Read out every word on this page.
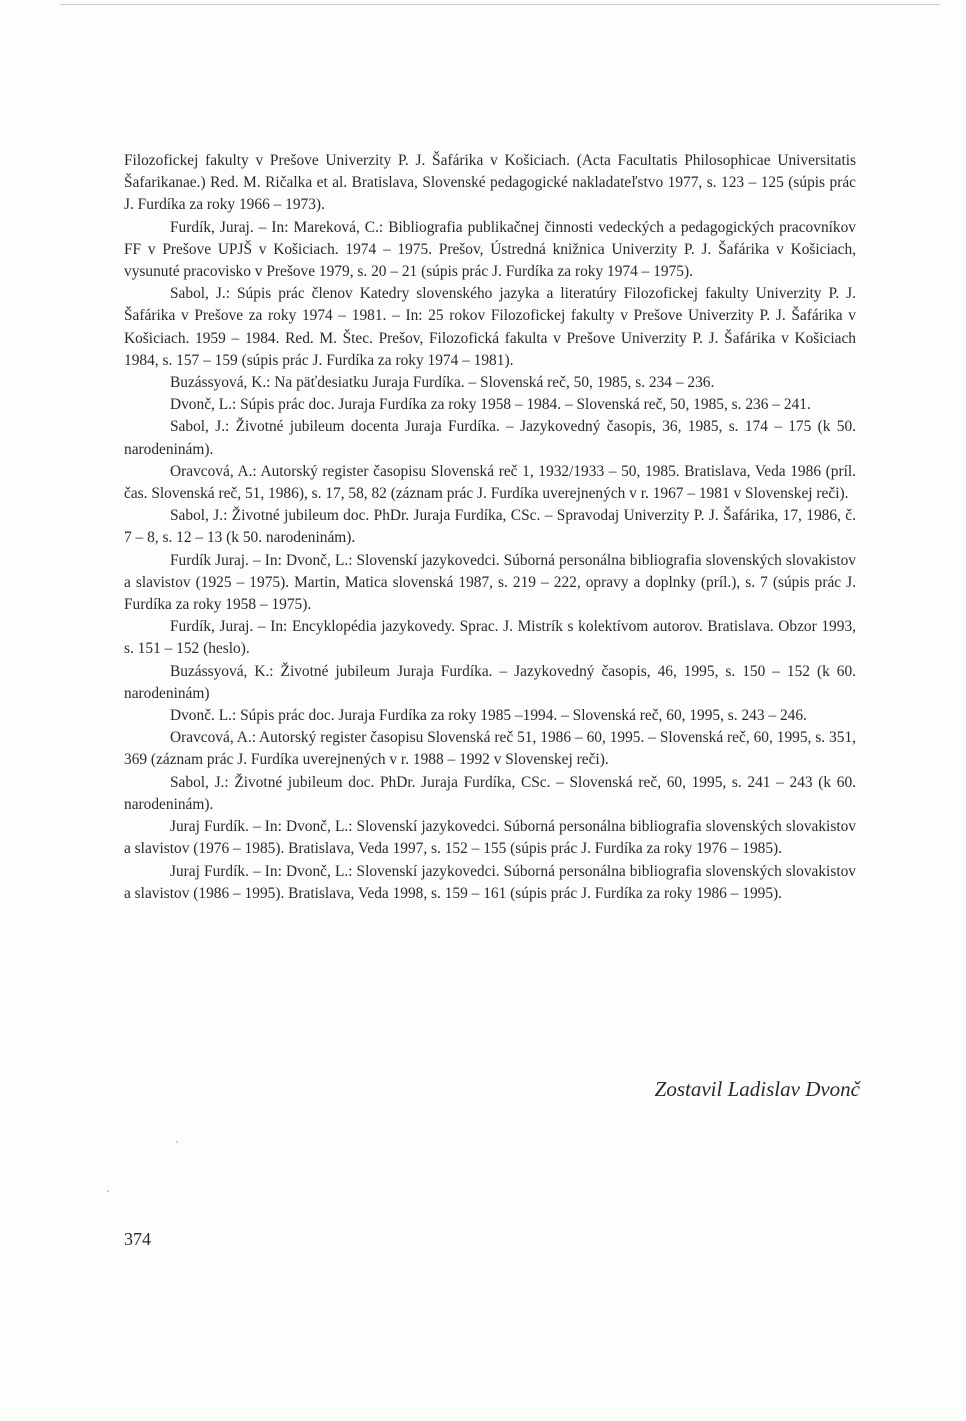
Filozofickej fakulty v Prešove Univerzity P. J. Šafárika v Košiciach. (Acta Facultatis Philosophicae Universitatis Šafarikanae.) Red. M. Ričalka et al. Bratislava, Slovenské pedagogické nakladateľstvo 1977, s. 123 – 125 (súpis prác J. Furdíka za roky 1966 – 1973).

Furdík, Juraj. – In: Mareková, C.: Bibliografia publikačnej činnosti vedeckých a pedagogických pracovníkov FF v Prešove UPJŠ v Košiciach. 1974 – 1975. Prešov, Ústredná knižnica Univerzity P. J. Šafárika v Košiciach, vysunuté pracovisko v Prešove 1979, s. 20 – 21 (súpis prác J. Furdíka za roky 1974 – 1975).

Sabol, J.: Súpis prác členov Katedry slovenského jazyka a literatúry Filozofickej fakulty Univerzity P. J. Šafárika v Prešove za roky 1974 – 1981. – In: 25 rokov Filozofickej fakulty v Prešove Univerzity P. J. Šafárika v Košiciach. 1959 – 1984. Red. M. Štec. Prešov, Filozofická fakulta v Prešove Univerzity P. J. Šafárika v Košiciach 1984, s. 157 – 159 (súpis prác J. Furdíka za roky 1974 – 1981).

Buzássyová, K.: Na päťdesiatku Juraja Furdíka. – Slovenská reč, 50, 1985, s. 234 – 236.

Dvonč, L.: Súpis prác doc. Juraja Furdíka za roky 1958 – 1984. – Slovenská reč, 50, 1985, s. 236 – 241.

Sabol, J.: Životné jubileum docenta Juraja Furdíka. – Jazykovedný časopis, 36, 1985, s. 174 – 175 (k 50. narodeninám).

Oravcová, A.: Autorský register časopisu Slovenská reč 1, 1932/1933 – 50, 1985. Bratislava, Veda 1986 (príl. čas. Slovenská reč, 51, 1986), s. 17, 58, 82 (záznam prác J. Furdíka uverejnených v r. 1967 – 1981 v Slovenskej reči).

Sabol, J.: Životné jubileum doc. PhDr. Juraja Furdíka, CSc. – Spravodaj Univerzity P. J. Šafárika, 17, 1986, č. 7 – 8, s. 12 – 13 (k 50. narodeninám).

Furdík Juraj. – In: Dvonč, L.: Slovenskí jazykovedci. Súborná personálna bibliografia slovenských slovakistov a slavistov (1925 – 1975). Martin, Matica slovenská 1987, s. 219 – 222, opravy a doplnky (príl.), s. 7 (súpis prác J. Furdíka za roky 1958 – 1975).

Furdík, Juraj. – In: Encyklopédia jazykovedy. Sprac. J. Mistrík s kolektívom autorov. Bratislava. Obzor 1993, s. 151 – 152 (heslo).

Buzássyová, K.: Životné jubileum Juraja Furdíka. – Jazykovedný časopis, 46, 1995, s. 150 – 152 (k 60. narodeninám)

Dvonč. L.: Súpis prác doc. Juraja Furdíka za roky 1985 –1994. – Slovenská reč, 60, 1995, s. 243 – 246.

Oravcová, A.: Autorský register časopisu Slovenská reč 51, 1986 – 60, 1995. – Slovenská reč, 60, 1995, s. 351, 369 (záznam prác J. Furdíka uverejnených v r. 1988 – 1992 v Slovenskej reči).

Sabol, J.: Životné jubileum doc. PhDr. Juraja Furdíka, CSc. – Slovenská reč, 60, 1995, s. 241 – 243 (k 60. narodeninám).

Juraj Furdík. – In: Dvonč, L.: Slovenskí jazykovedci. Súborná personálna bibliografia slovenských slovakistov a slavistov (1976 – 1985). Bratislava, Veda 1997, s. 152 – 155 (súpis prác J. Furdíka za roky 1976 – 1985).

Juraj Furdík. – In: Dvonč, L.: Slovenskí jazykovedci. Súborná personálna bibliografia slovenských slovakistov a slavistov (1986 – 1995). Bratislava, Veda 1998, s. 159 – 161 (súpis prác J. Furdíka za roky 1986 – 1995).

Zostavil Ladislav Dvonč
374
